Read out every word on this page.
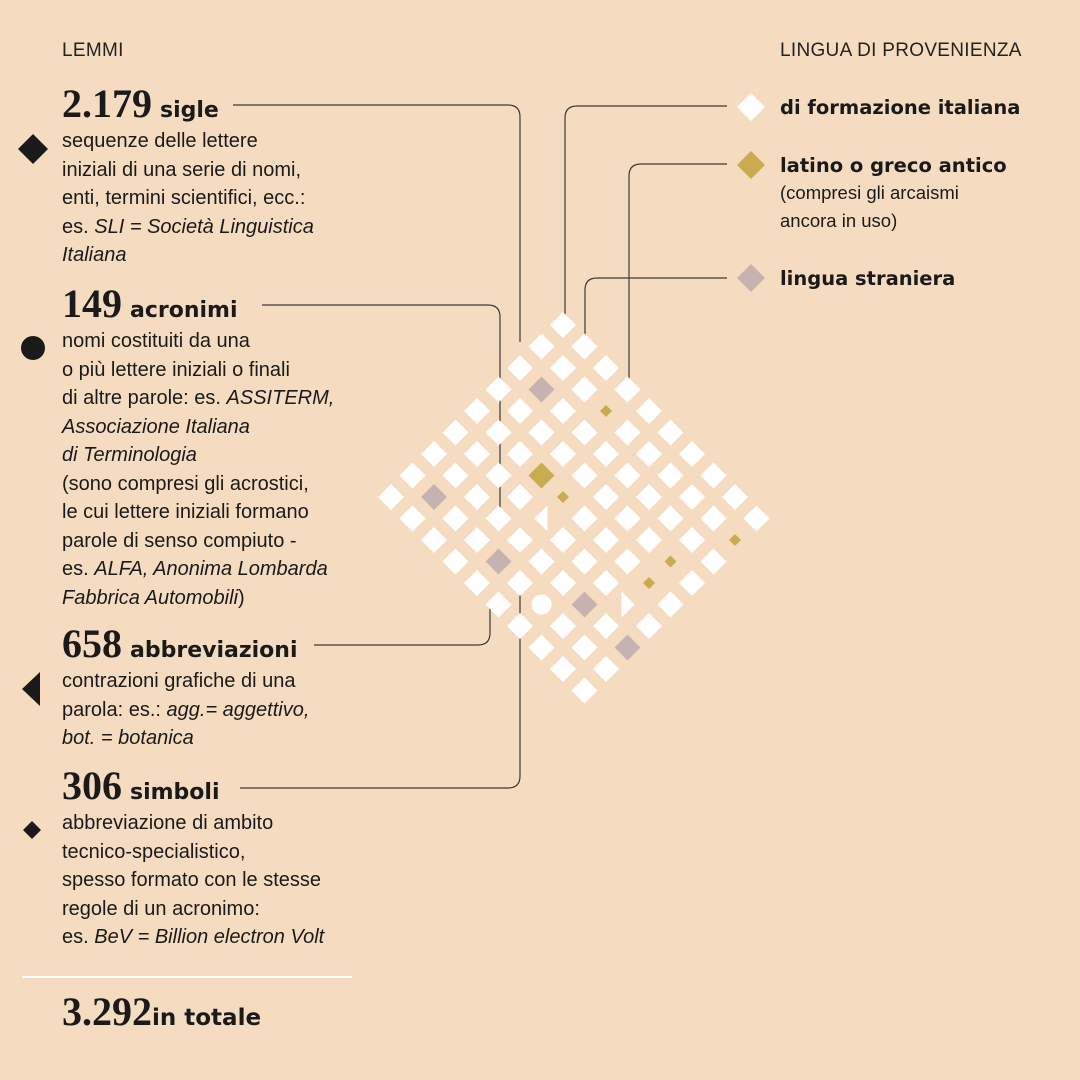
LEMMI	LINGUA DI PROVENIENZA
2.179 sigle
sequenze delle lettere
iniziali di una serie di nomi,
enti, termini scientifici, ecc.:
es. SLI = Società Linguistica
Italiana
149 acronimi
nomi costituiti da una
o più lettere iniziali o finali
di altre parole: es. ASSITERM,
Associazione Italiana
di Terminologia
(sono compresi gli acrostici,
le cui lettere iniziali formano
parole di senso compiuto -
es. ALFA, Anonima Lombarda
Fabbrica Automobili)
658 abbreviazioni
contrazioni grafiche di una
parola: es.: agg.= aggettivo,
bot. = botanica
306 simboli
abbreviazione di ambito
tecnico-specialistico,
spesso formato con le stesse
regole di un acronimo:
es. BeV = Billion electron Volt
3.292 in totale
di formazione italiana
latino o greco antico
(compresi gli arcaismi
ancora in uso)
lingua straniera
